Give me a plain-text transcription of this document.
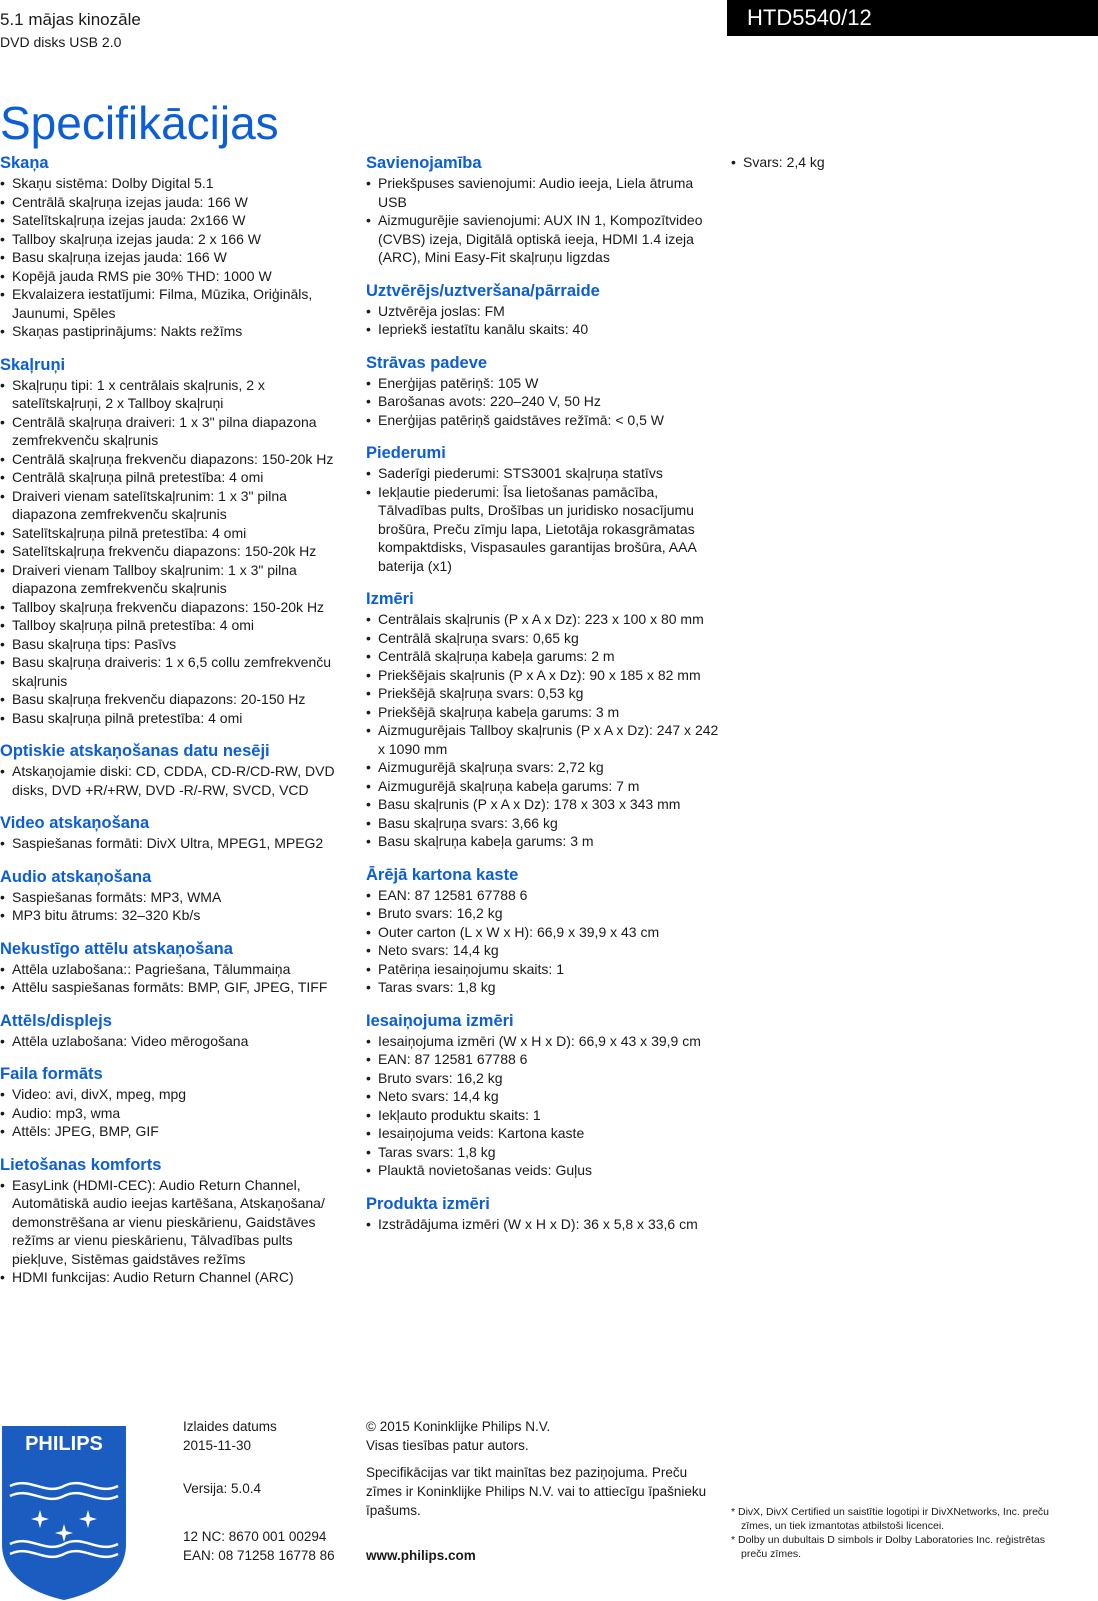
5.1 mājas kinozāle
DVD disks USB 2.0
HTD5540/12
Specifikācijas
Skaņa
• Skaņu sistēma: Dolby Digital 5.1
• Centrālā skaļruņa izejas jauda: 166 W
• Satelītskaļruņa izejas jauda: 2x166 W
• Tallboy skaļruņa izejas jauda: 2 x 166 W
• Basu skaļruņa izejas jauda: 166 W
• Kopējā jauda RMS pie 30% THD: 1000 W
• Ekvalaizera iestatījumi: Filma, Mūzika, Oriģināls, Jaunumi, Spēles
• Skaņas pastiprinājums: Nakts režīms
Skaļruņi
• Skaļruņu tipi: 1 x centrālais skaļrunis, 2 x satelītskaļruņi, 2 x Tallboy skaļruņi
• Centrālā skaļruņa draiveri: 1 x 3" pilna diapazona zemfrekvenču skaļrunis
• Centrālā skaļruņa frekvenču diapazons: 150-20k Hz
• Centrālā skaļruņa pilnā pretestība: 4 omi
• Draiveri vienam satelītskaļrunim: 1 x 3" pilna diapazona zemfrekvenču skaļrunis
• Satelītskaļruņa pilnā pretestība: 4 omi
• Satelītskaļruņa frekvenču diapazons: 150-20k Hz
• Draiveri vienam Tallboy skaļrunim: 1 x 3" pilna diapazona zemfrekvenču skaļrunis
• Tallboy skaļruņa frekvenču diapazons: 150-20k Hz
• Tallboy skaļruņa pilnā pretestība: 4 omi
• Basu skaļruņa tips: Pasīvs
• Basu skaļruņa draiveris: 1 x 6,5 collu zemfrekvenču skaļrunis
• Basu skaļruņa frekvenču diapazons: 20-150 Hz
• Basu skaļruņa pilnā pretestība: 4 omi
Optiskie atskaņošanas datu nesēji
• Atskaņojamie diski: CD, CDDA, CD-R/CD-RW, DVD disks, DVD +R/+RW, DVD -R/-RW, SVCD, VCD
Video atskaņošana
• Saspiešanas formāti: DivX Ultra, MPEG1, MPEG2
Audio atskaņošana
• Saspiešanas formāts: MP3, WMA
• MP3 bitu ātrums: 32–320 Kb/s
Nekustīgo attēlu atskaņošana
• Attēla uzlabošana:: Pagriešana, Tālummaiņa
• Attēlu saspiešanas formāts: BMP, GIF, JPEG, TIFF
Attēls/displejs
• Attēla uzlabošana: Video mērogošana
Faila formāts
• Video: avi, divX, mpeg, mpg
• Audio: mp3, wma
• Attēls: JPEG, BMP, GIF
Lietošanas komforts
• EasyLink (HDMI-CEC): Audio Return Channel, Automātiskā audio ieejas kartēšana, Atskaņošana/ demonstrēšana ar vienu pieskārienu, Gaidstāves režīms ar vienu pieskārienu, Tālvadības pults piekļuve, Sistēmas gaidstāves režīms
• HDMI funkcijas: Audio Return Channel (ARC)
Savienojamība
• Priekšpuses savienojumi: Audio ieeja, Liela ātruma USB
• Aizmugurējie savienojumi: AUX IN 1, Kompozītvideo (CVBS) izeja, Digitālā optiskā ieeja, HDMI 1.4 izeja (ARC), Mini Easy-Fit skaļruņu ligzdas
Uztvērējs/uztveršana/pārraide
• Uztvērēja joslas: FM
• Iepriekš iestatītu kanālu skaits: 40
Strāvas padeve
• Enerģijas patēriņš: 105 W
• Barošanas avots: 220–240 V, 50 Hz
• Enerģijas patēriņš gaidstāves režīmā: < 0,5 W
Piederumi
• Saderīgi piederumi: STS3001 skaļruņa statīvs
• Iekļautie piederumi: Īsa lietošanas pamācība, Tālvadības pults, Drošības un juridisko nosacījumu brošūra, Preču zīmju lapa, Lietotāja rokasgrāmatas kompaktdisks, Vispasaules garantijas brošūra, AAA baterija (x1)
Izmēri
• Centrālais skaļrunis (P x A x Dz): 223 x 100 x 80 mm
• Centrālā skaļruņa svars: 0,65 kg
• Centrālā skaļruņa kabeļa garums: 2 m
• Priekšējais skaļrunis (P x A x Dz): 90 x 185 x 82 mm
• Priekšējā skaļruņa svars: 0,53 kg
• Priekšējā skaļruņa kabeļa garums: 3 m
• Aizmugurējais Tallboy skaļrunis (P x A x Dz): 247 x 242 x 1090 mm
• Aizmugurējā skaļruņa svars: 2,72 kg
• Aizmugurējā skaļruņa kabeļa garums: 7 m
• Basu skaļrunis (P x A x Dz): 178 x 303 x 343 mm
• Basu skaļruņa svars: 3,66 kg
• Basu skaļruņa kabeļa garums: 3 m
Ārējā kartona kaste
• EAN: 87 12581 67788 6
• Bruto svars: 16,2 kg
• Outer carton (L x W x H): 66,9 x 39,9 x 43 cm
• Neto svars: 14,4 kg
• Patēriņa iesaiņojumu skaits: 1
• Taras svars: 1,8 kg
Iesaiņojuma izmēri
• Iesaiņojuma izmēri (W x H x D): 66,9 x 43 x 39,9 cm
• EAN: 87 12581 67788 6
• Bruto svars: 16,2 kg
• Neto svars: 14,4 kg
• Iekļauto produktu skaits: 1
• Iesaiņojuma veids: Kartona kaste
• Taras svars: 1,8 kg
• Plauktā novietošanas veids: Guļus
Produkta izmēri
• Izstrādājuma izmēri (W x H x D): 36 x 5,8 x 33,6 cm
• Svars: 2,4 kg
PHILIPS
Izlaides datums
2015-11-30
Versija: 5.0.4
12 NC: 8670 001 00294
EAN: 08 71258 16778 86
© 2015 Koninklijke Philips N.V.
Visas tiesības patur autors.
Specifikācijas var tikt mainītas bez paziņojuma. Preču zīmes ir Koninklijke Philips N.V. vai to attiecīgu īpašnieku īpašums.
www.philips.com

* DivX, DivX Certified un saistītie logotipi ir DivXNetworks, Inc. preču zīmes, un tiek izmantotas atbilstoši licencei.

* Dolby un dubultais D simbols ir Dolby Laboratories Inc. reģistrētas preču zīmes.
